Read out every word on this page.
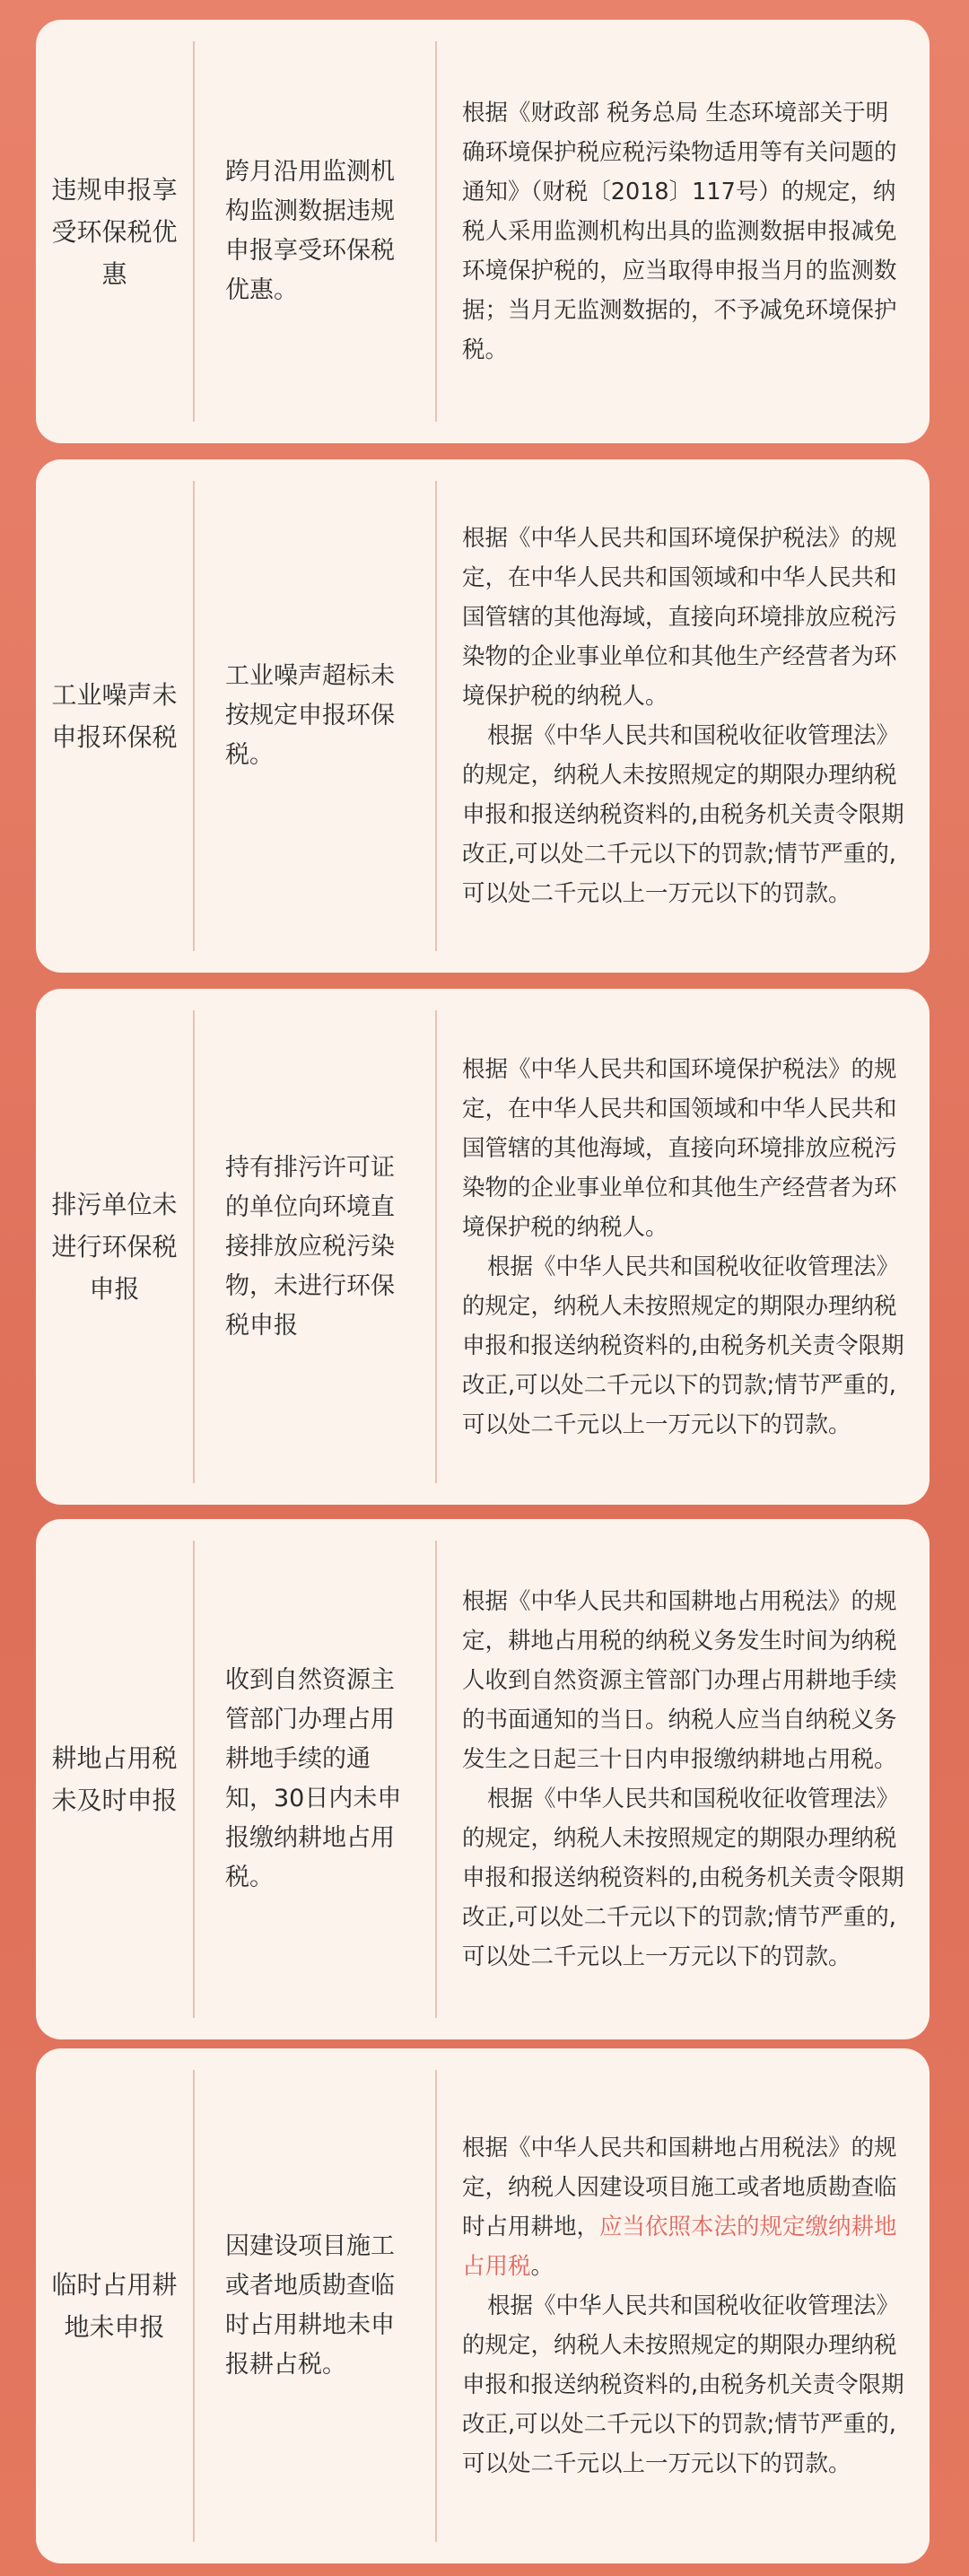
违规申报享受环保税优惠
跨月沿用监测机构监测数据违规申报享受环保税优惠。
根据《财政部 税务总局 生态环境部关于明确环境保护税应税污染物适用等有关问题的通知》（财税〔2018〕117号）的规定，纳税人采用监测机构出具的监测数据申报减免环境保护税的，应当取得申报当月的监测数据；当月无监测数据的，不予减免环境保护税。
工业噪声未申报环保税
工业噪声超标未按规定申报环保税。
根据《中华人民共和国环境保护税法》的规定，在中华人民共和国领域和中华人民共和国管辖的其他海域，直接向环境排放应税污染物的企业事业单位和其他生产经营者为环境保护税的纳税人。
根据《中华人民共和国税收征收管理法》的规定，纳税人未按照规定的期限办理纳税申报和报送纳税资料的,由税务机关责令限期改正,可以处二千元以下的罚款;情节严重的,可以处二千元以上一万元以下的罚款。
排污单位未进行环保税申报
持有排污许可证的单位向环境直接排放应税污染物，未进行环保税申报
根据《中华人民共和国环境保护税法》的规定，在中华人民共和国领域和中华人民共和国管辖的其他海域，直接向环境排放应税污染物的企业事业单位和其他生产经营者为环境保护税的纳税人。
根据《中华人民共和国税收征收管理法》的规定，纳税人未按照规定的期限办理纳税申报和报送纳税资料的,由税务机关责令限期改正,可以处二千元以下的罚款;情节严重的,可以处二千元以上一万元以下的罚款。
耕地占用税未及时申报
收到自然资源主管部门办理占用耕地手续的通知，30日内未申报缴纳耕地占用税。
根据《中华人民共和国耕地占用税法》的规定，耕地占用税的纳税义务发生时间为纳税人收到自然资源主管部门办理占用耕地手续的书面通知的当日。纳税人应当自纳税义务发生之日起三十日内申报缴纳耕地占用税。
根据《中华人民共和国税收征收管理法》的规定，纳税人未按照规定的期限办理纳税申报和报送纳税资料的,由税务机关责令限期改正,可以处二千元以下的罚款;情节严重的,可以处二千元以上一万元以下的罚款。
临时占用耕地未申报
因建设项目施工或者地质勘查临时占用耕地未申报耕占税。
根据《中华人民共和国耕地占用税法》的规定，纳税人因建设项目施工或者地质勘查临时占用耕地，应当依照本法的规定缴纳耕地占用税。
根据《中华人民共和国税收征收管理法》的规定，纳税人未按照规定的期限办理纳税申报和报送纳税资料的,由税务机关责令限期改正,可以处二千元以下的罚款;情节严重的,可以处二千元以上一万元以下的罚款。
